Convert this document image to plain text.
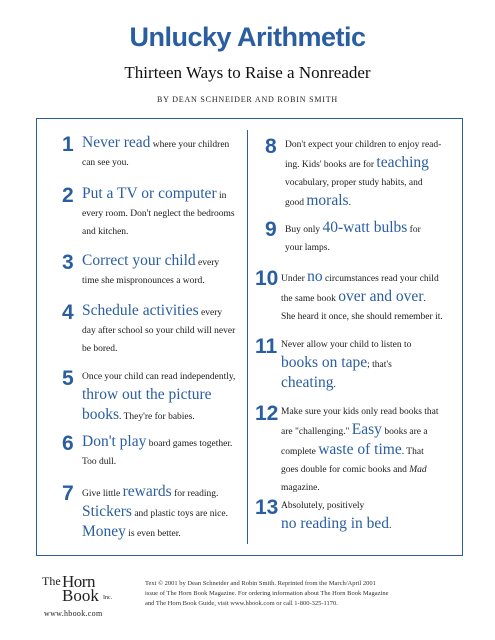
Unlucky Arithmetic
Thirteen Ways to Raise a Nonreader
BY DEAN SCHNEIDER AND ROBIN SMITH
1 Never read where your children
can see you.
2 Put a TV or computer in
every room. Don't neglect the bedrooms
and kitchen.
3 Correct your child every
time she mispronounces a word.
4 Schedule activities every
day after school so your child will never
be bored.
5 Once your child can read independently,
throw out the picture
books. They're for babies.
6 Don't play board games together.
Too dull.
7 Give little rewards for reading.
Stickers and plastic toys are nice.
Money is even better.
8 Don't expect your children to enjoy read-
ing. Kids' books are for teaching
vocabulary, proper study habits, and
good morals.
9 Buy only 40-watt bulbs for
your lamps.
10 Under no circumstances read your child
the same book over and over.
She heard it once, she should remember it.
11 Never allow your child to listen to
books on tape; that's
cheating.
12 Make sure your kids only read books that
are "challenging." Easy books are a
complete waste of time. That
goes double for comic books and Mad
magazine.
13 Absolutely, positively
no reading in bed.
The Horn
Book Inc.
www.hbook.com
Text © 2001 by Dean Schneider and Robin Smith. Reprinted from the March/April 2001
issue of The Horn Book Magazine. For ordering information about The Horn Book Magazine
and The Horn Book Guide, visit www.hbook.com or call 1-800-325-1170.
